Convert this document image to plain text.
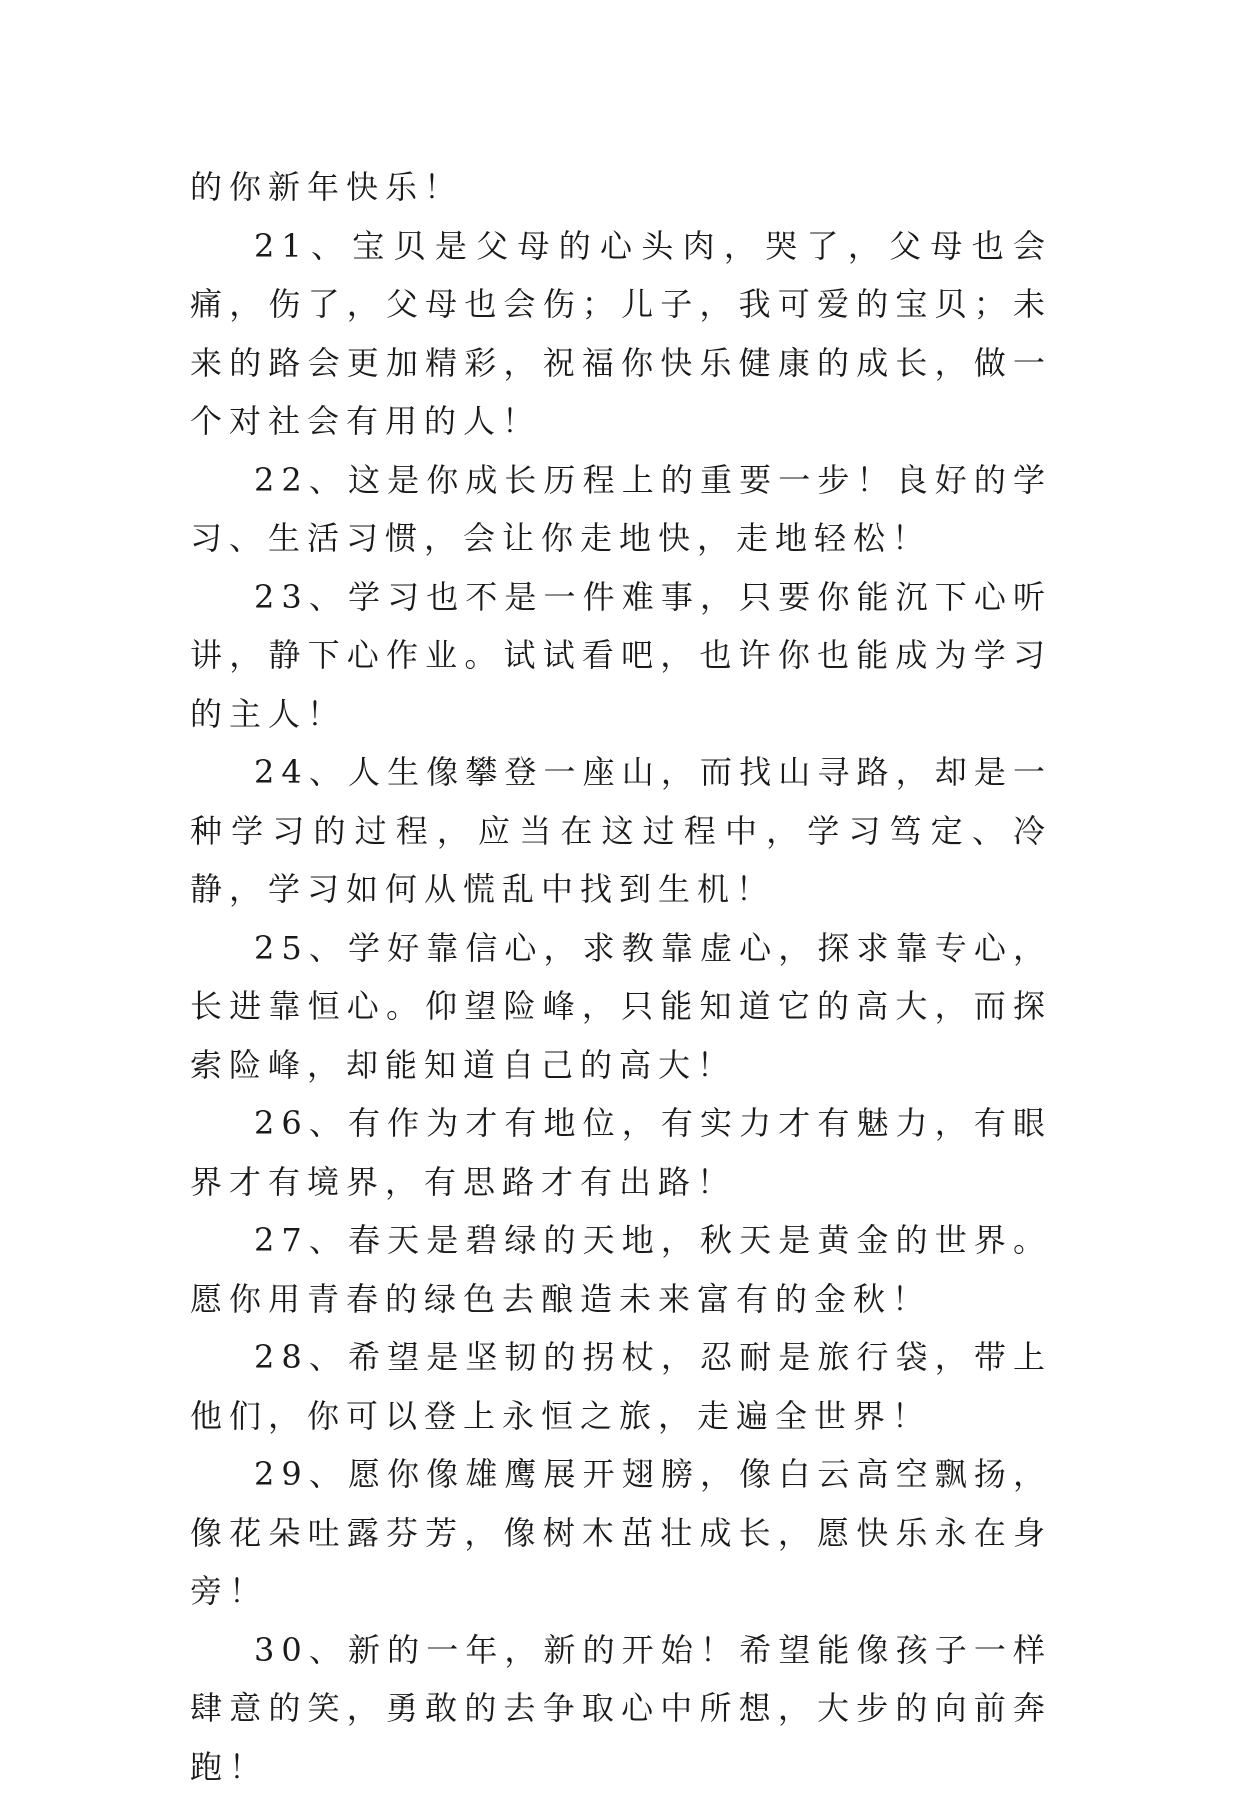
的你新年快乐！

21、宝贝是父母的心头肉，哭了，父母也会痛，伤了，父母也会伤；儿子，我可爱的宝贝；未来的路会更加精彩，祝福你快乐健康的成长，做一个对社会有用的人！

22、这是你成长历程上的重要一步！良好的学习、生活习惯，会让你走地快，走地轻松！

23、学习也不是一件难事，只要你能沉下心听讲，静下心作业。试试看吧，也许你也能成为学习的主人！

24、人生像攀登一座山，而找山寻路，却是一种学习的过程，应当在这过程中，学习笃定、冷静，学习如何从慌乱中找到生机！

25、学好靠信心，求教靠虚心，探求靠专心，长进靠恒心。仰望险峰，只能知道它的高大，而探索险峰，却能知道自己的高大！

26、有作为才有地位，有实力才有魅力，有眼界才有境界，有思路才有出路！

27、春天是碧绿的天地，秋天是黄金的世界。愿你用青春的绿色去酿造未来富有的金秋！

28、希望是坚韧的拐杖，忍耐是旅行袋，带上他们，你可以登上永恒之旅，走遍全世界！

29、愿你像雄鹰展开翅膀，像白云高空飘扬，像花朵吐露芬芳，像树木茁壮成长，愿快乐永在身旁！

30、新的一年，新的开始！希望能像孩子一样肆意的笑，勇敢的去争取心中所想，大步的向前奔跑！
